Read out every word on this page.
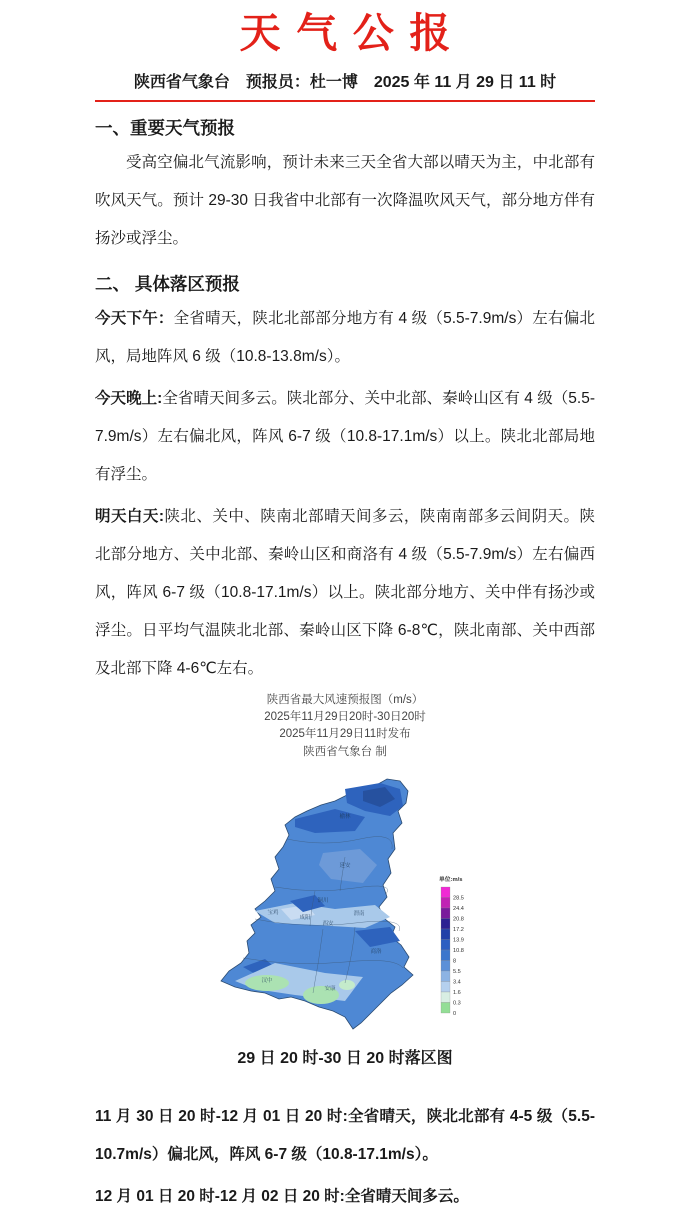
天气公报
陕西省气象台　预报员：杜一博　2025 年 11 月 29 日 11 时
一、重要天气预报

受高空偏北气流影响，预计未来三天全省大部以晴天为主，中北部有吹风天气。预计 29-30 日我省中北部有一次降温吹风天气，部分地方伴有扬沙或浮尘。

二、 具体落区预报

今天下午：全省晴天，陕北北部部分地方有 4 级（5.5-7.9m/s）左右偏北风，局地阵风 6 级（10.8-13.8m/s）。

今天晚上:全省晴天间多云。陕北部分、关中北部、秦岭山区有 4 级（5.5-7.9m/s）左右偏北风，阵风 6-7 级（10.8-17.1m/s）以上。陕北北部局地有浮尘。

明天白天:陕北、关中、陕南北部晴天间多云，陕南南部多云间阴天。陕北部分地方、关中北部、秦岭山区和商洛有 4 级（5.5-7.9m/s）左右偏西风，阵风 6-7 级（10.8-17.1m/s）以上。陕北部分地方、关中伴有扬沙或浮尘。日平均气温陕北北部、秦岭山区下降 6-8℃，陕北南部、关中西部及北部下降 4-6℃左右。

陕西省最大风速预报图（m/s）
2025年11月29日20时-30日20时
2025年11月29日11时发布
陕西省气象台 制
榆林
延安
铜川
咸阳
西安
渭南
宝鸡
商洛
安康
汉中
单位:m/s
28.5
24.4
20.8
17.2
13.9
10.8
8
5.5
3.4
1.6
0.3
0

29 日 20 时-30 日 20 时落区图

11 月 30 日 20 时-12 月 01 日 20 时:全省晴天，陕北北部有 4-5 级（5.5-10.7m/s）偏北风，阵风 6-7 级（10.8-17.1m/s）。

12 月 01 日 20 时-12 月 02 日 20 时:全省晴天间多云。
